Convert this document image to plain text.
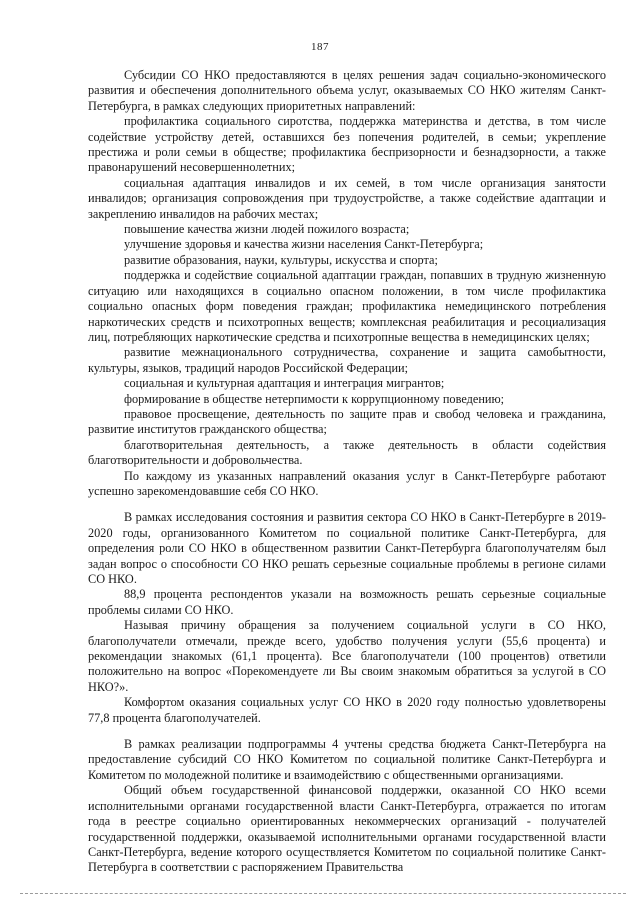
187

Субсидии СО НКО предоставляются в целях решения задач социально-экономического развития и обеспечения дополнительного объема услуг, оказываемых СО НКО жителям Санкт-Петербурга, в рамках следующих приоритетных направлений:

профилактика социального сиротства, поддержка материнства и детства, в том числе содействие устройству детей, оставшихся без попечения родителей, в семьи; укрепление престижа и роли семьи в обществе; профилактика беспризорности и безнадзорности, а также правонарушений несовершеннолетних;

социальная адаптация инвалидов и их семей, в том числе организация занятости инвалидов; организация сопровождения при трудоустройстве, а также содействие адаптации и закреплению инвалидов на рабочих местах;

повышение качества жизни людей пожилого возраста;

улучшение здоровья и качества жизни населения Санкт-Петербурга;

развитие образования, науки, культуры, искусства и спорта;

поддержка и содействие социальной адаптации граждан, попавших в трудную жизненную ситуацию или находящихся в социально опасном положении, в том числе профилактика социально опасных форм поведения граждан; профилактика немедицинского потребления наркотических средств и психотропных веществ; комплексная реабилитация и ресоциализация лиц, потребляющих наркотические средства и психотропные вещества в немедицинских целях;

развитие межнационального сотрудничества, сохранение и защита самобытности, культуры, языков, традиций народов Российской Федерации;

социальная и культурная адаптация и интеграция мигрантов;

формирование в обществе нетерпимости к коррупционному поведению;

правовое просвещение, деятельность по защите прав и свобод человека и гражданина, развитие институтов гражданского общества;

благотворительная деятельность, а также деятельность в области содействия благотворительности и добровольчества.

По каждому из указанных направлений оказания услуг в Санкт-Петербурге работают успешно зарекомендовавшие себя СО НКО.

В рамках исследования состояния и развития сектора СО НКО в Санкт-Петербурге в 2019-2020 годы, организованного Комитетом по социальной политике Санкт-Петербурга, для определения роли СО НКО в общественном развитии Санкт-Петербурга благополучателям был задан вопрос о способности СО НКО решать серьезные социальные проблемы в регионе силами СО НКО.

88,9 процента респондентов указали на возможность решать серьезные социальные проблемы силами СО НКО.

Называя причину обращения за получением социальной услуги в СО НКО, благополучатели отмечали, прежде всего, удобство получения услуги (55,6 процента) и рекомендации знакомых (61,1 процента). Все благополучатели (100 процентов) ответили положительно на вопрос «Порекомендуете ли Вы своим знакомым обратиться за услугой в СО НКО?».

Комфортом оказания социальных услуг СО НКО в 2020 году полностью удовлетворены 77,8 процента благополучателей.

В рамках реализации подпрограммы 4 учтены средства бюджета Санкт-Петербурга на предоставление субсидий СО НКО Комитетом по социальной политике Санкт-Петербурга и Комитетом по молодежной политике и взаимодействию с общественными организациями.

Общий объем государственной финансовой поддержки, оказанной СО НКО всеми исполнительными органами государственной власти Санкт-Петербурга, отражается по итогам года в реестре социально ориентированных некоммерческих организаций - получателей государственной поддержки, оказываемой исполнительными органами государственной власти Санкт-Петербурга, ведение которого осуществляется Комитетом по социальной политике Санкт-Петербурга в соответствии с распоряжением Правительства
